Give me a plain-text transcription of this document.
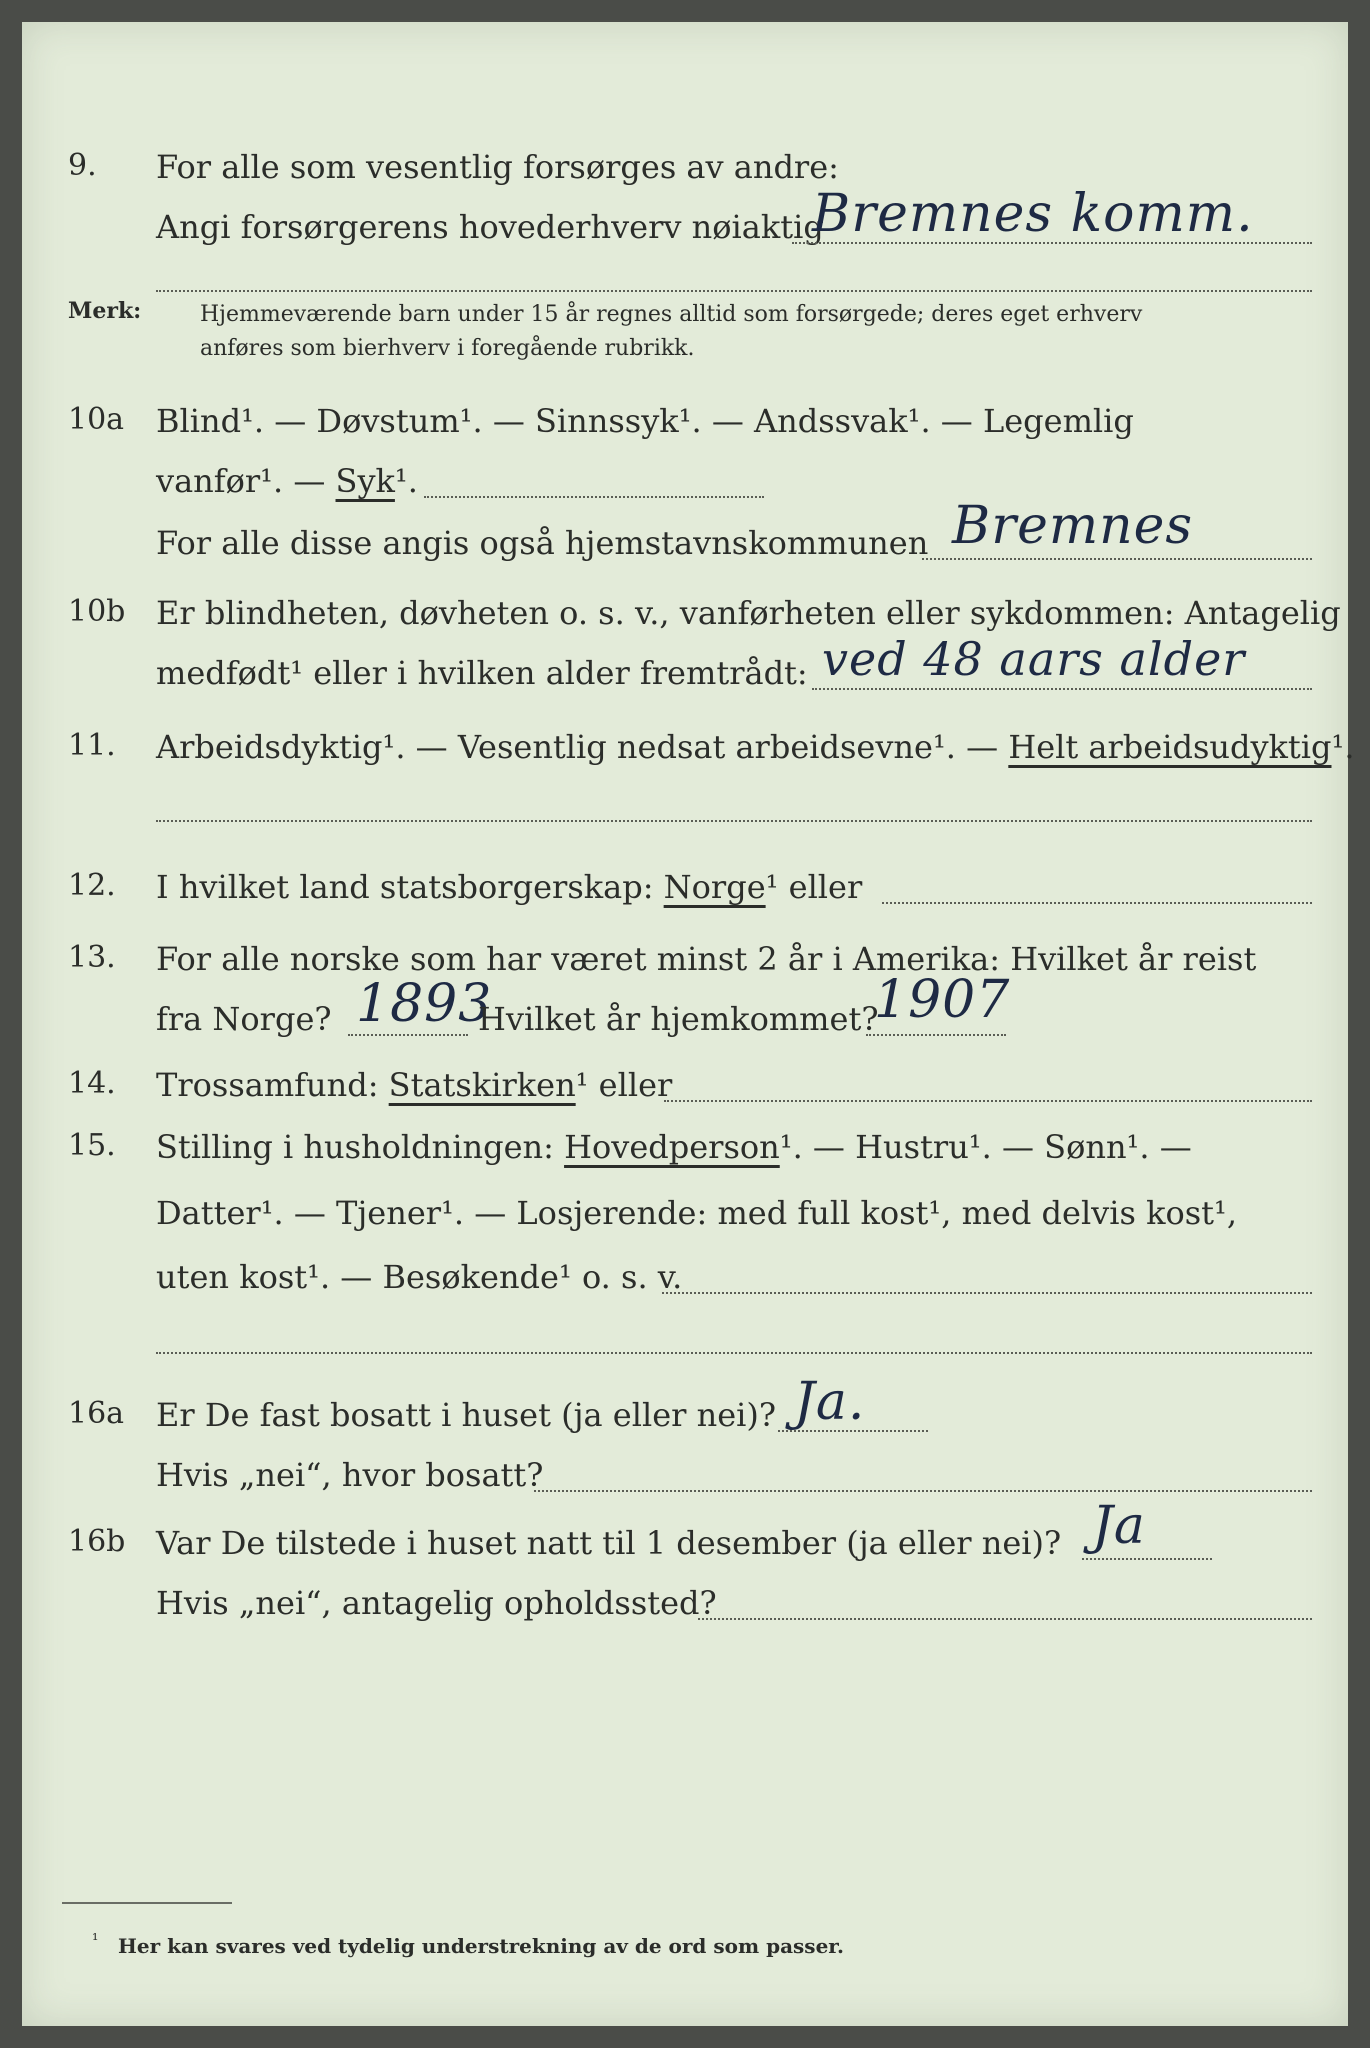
9. For alle som vesentlig forsørges av andre:
Angi forsørgerens hovederhverv nøiaktig
Bremnes komm.
Merk:	Hjemmeværende barn under 15 år regnes alltid som forsørgede; deres eget erhverv
anføres som bierhverv i foregående rubrikk.
10a Blind¹. — Døvstum¹. — Sinnssyk¹. — Andssvak¹. — Legemlig
vanfør¹. — Syk¹.
For alle disse angis også hjemstavnskommunen Bremnes
10b Er blindheten, døvheten o. s. v., vanførheten eller sykdommen: Antagelig
medfødt¹ eller i hvilken alder fremtrådt: ved 48 aars alder
11. Arbeidsdyktig¹. — Vesentlig nedsat arbeidsevne¹. — Helt arbeidsudyktig¹.
12. I hvilket land statsborgerskap: Norge¹ eller
13. For alle norske som har været minst 2 år i Amerika: Hvilket år reist
fra Norge? 1893
Hvilket år hjemkommet?
1907
14. Trossamfund: Statskirken¹ eller
15. Stilling i husholdningen: Hovedperson¹. — Hustru¹. — Sønn¹. —
Datter¹. — Tjener¹. — Losjerende: med full kost¹, med delvis kost¹,
uten kost¹. — Besøkende¹ o. s. v.
16a Er De fast bosatt i huset (ja eller nei)? Ja.
Hvis „nei“, hvor bosatt?
16b Var De tilstede i huset natt til 1 desember (ja eller nei)? Ja
Hvis „nei“, antagelig opholdssted?
¹ Her kan svares ved tydelig understrekning av de ord som passer.
